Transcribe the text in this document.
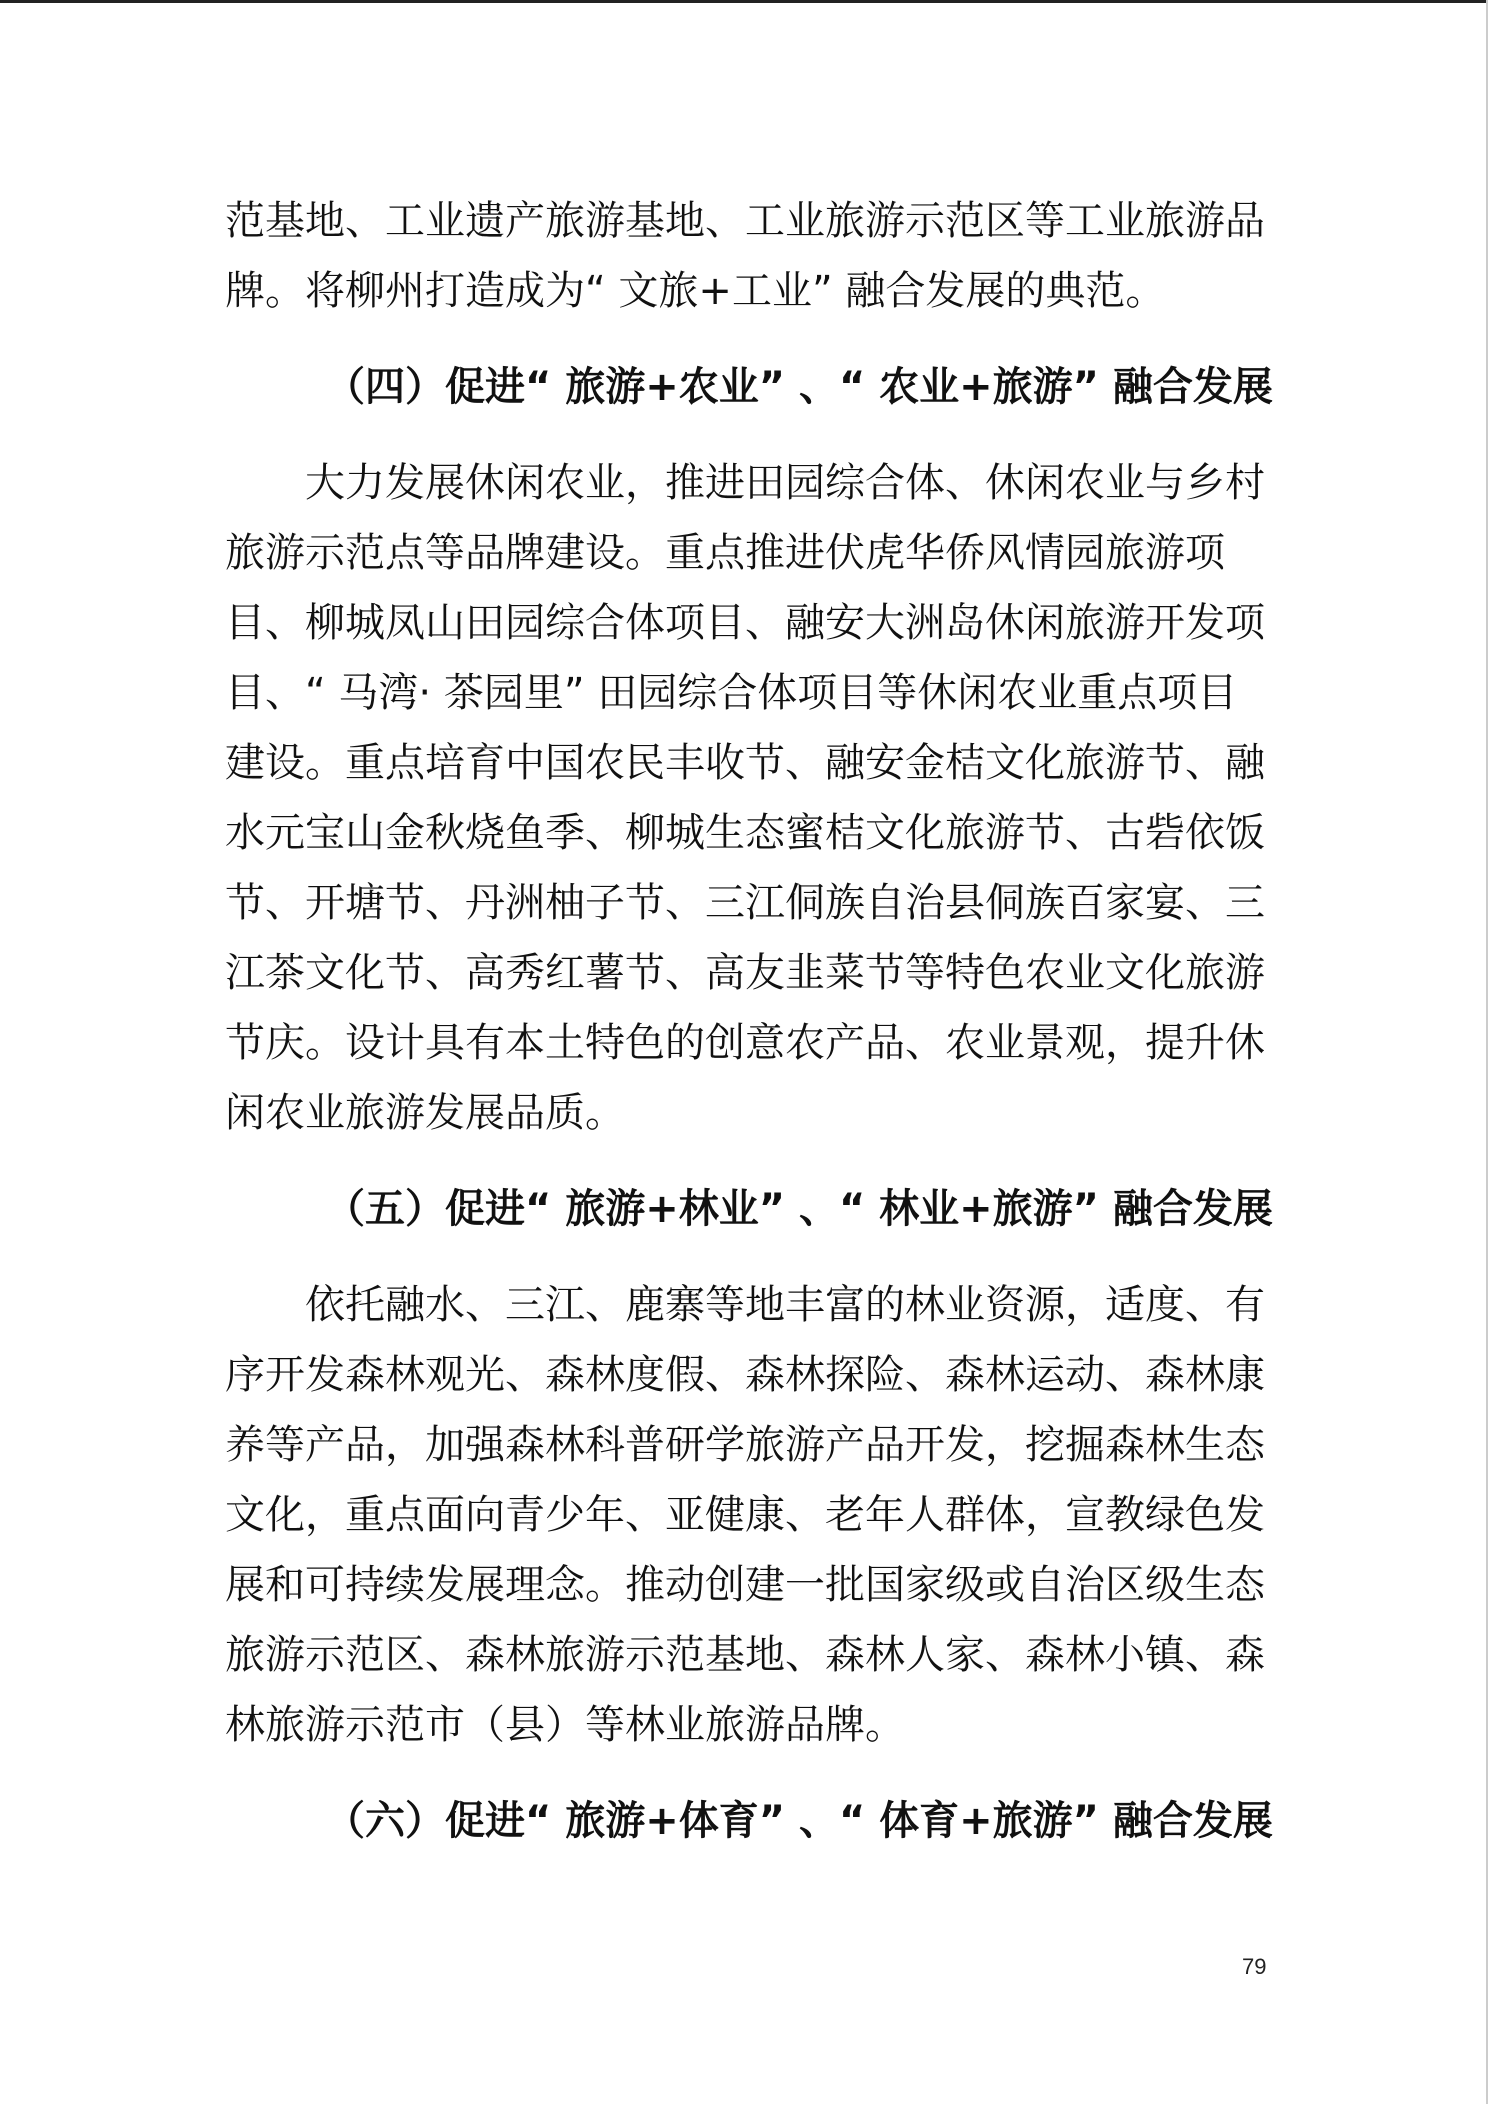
范基地、工业遗产旅游基地、工业旅游示范区等工业旅游品
牌。将柳州打造成为“ 文旅+工业” 融合发展的典范。
（四）促进“ 旅游+农业” 、“ 农业+旅游” 融合发展
大力发展休闲农业，推进田园综合体、休闲农业与乡村
旅游示范点等品牌建设。重点推进伏虎华侨风情园旅游项
目、柳城凤山田园综合体项目、融安大洲岛休闲旅游开发项
目、“ 马湾· 茶园里” 田园综合体项目等休闲农业重点项目
建设。重点培育中国农民丰收节、融安金桔文化旅游节、融
水元宝山金秋烧鱼季、柳城生态蜜桔文化旅游节、古砦依饭
节、开塘节、丹洲柚子节、三江侗族自治县侗族百家宴、三
江茶文化节、高秀红薯节、高友韭菜节等特色农业文化旅游
节庆。设计具有本土特色的创意农产品、农业景观，提升休
闲农业旅游发展品质。
（五）促进“ 旅游+林业” 、“ 林业+旅游” 融合发展
依托融水、三江、鹿寨等地丰富的林业资源，适度、有
序开发森林观光、森林度假、森林探险、森林运动、森林康
养等产品，加强森林科普研学旅游产品开发，挖掘森林生态
文化，重点面向青少年、亚健康、老年人群体，宣教绿色发
展和可持续发展理念。推动创建一批国家级或自治区级生态
旅游示范区、森林旅游示范基地、森林人家、森林小镇、森
林旅游示范市（县）等林业旅游品牌。
（六）促进“ 旅游+体育” 、“ 体育+旅游” 融合发展
79
